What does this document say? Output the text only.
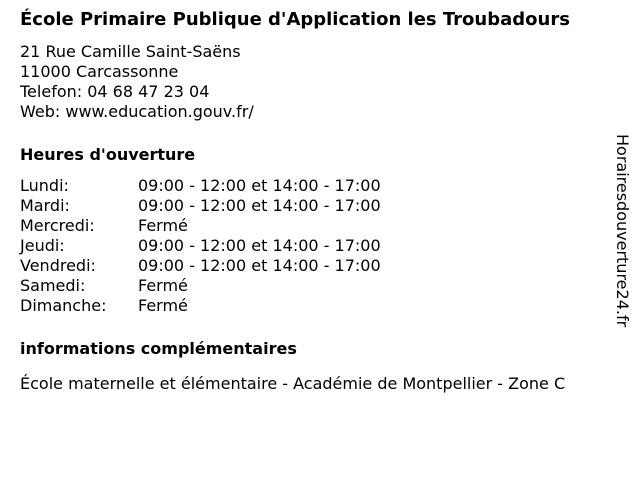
École Primaire Publique d'Application les Troubadours
21 Rue Camille Saint-Saëns
11000 Carcassonne
Telefon: 04 68 47 23 04
Web: www.education.gouv.fr/
Heures d'ouverture
Lundi:	09:00 - 12:00 et 14:00 - 17:00
Mardi:	09:00 - 12:00 et 14:00 - 17:00
Mercredi:	Fermé
Jeudi:	09:00 - 12:00 et 14:00 - 17:00
Vendredi:	09:00 - 12:00 et 14:00 - 17:00
Samedi:	Fermé
Dimanche: Fermé
informations complémentaires
École maternelle et élémentaire - Académie de Montpellier - Zone C
Horairesdouverture24.fr
